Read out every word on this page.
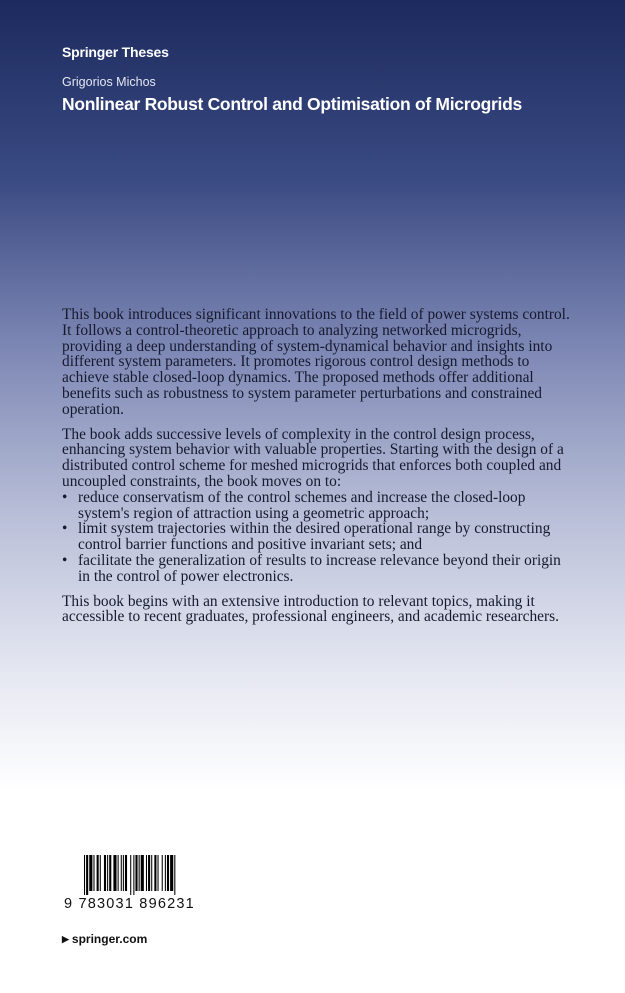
Springer Theses
Grigorios Michos
Nonlinear Robust Control and Optimisation of Microgrids

This book introduces significant innovations to the field of power systems control. It follows a control-theoretic approach to analyzing networked microgrids, providing a deep understanding of system-dynamical behavior and insights into different system parameters. It promotes rigorous control design methods to achieve stable closed-loop dynamics. The proposed methods offer additional benefits such as robustness to system parameter perturbations and constrained operation.

The book adds successive levels of complexity in the control design process, enhancing system behavior with valuable properties. Starting with the design of a distributed control scheme for meshed microgrids that enforces both coupled and uncoupled constraints, the book moves on to:

• reduce conservatism of the control schemes and increase the closed-loop system's region of attraction using a geometric approach;
• limit system trajectories within the desired operational range by constructing control barrier functions and positive invariant sets; and
• facilitate the generalization of results to increase relevance beyond their origin in the control of power electronics.

This book begins with an extensive introduction to relevant topics, making it accessible to recent graduates, professional engineers, and academic researchers.

9 783031 896231
▶ springer.com
